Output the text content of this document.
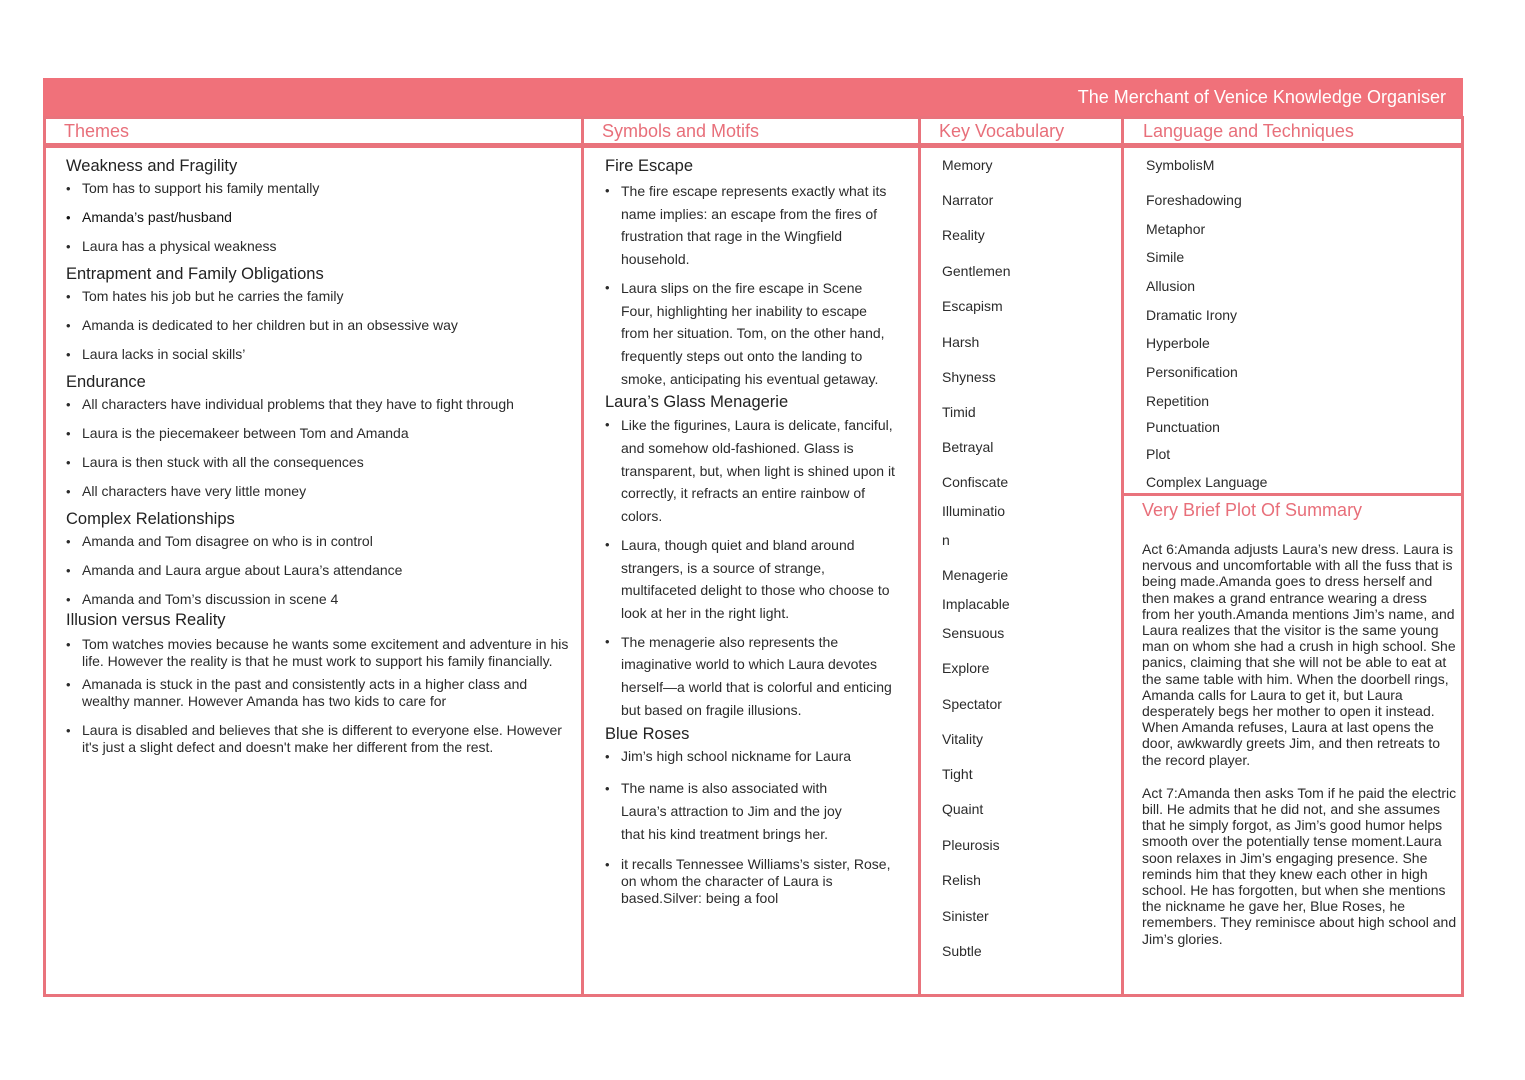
The Merchant of Venice Knowledge Organiser
Themes	Symbols and Motifs	Key Vocabulary	Language and Techniques

Weakness and Fragility

• Tom has to support his family mentally
• Amanda’s past/husband
• Laura has a physical weakness

Entrapment and Family Obligations

• Tom hates his job but he carries the family
• Amanda is dedicated to her children but in an obsessive way
• Laura lacks in social skills’

Endurance

• All characters have individual problems that they have to fight through
• Laura is the piecemakeer between Tom and Amanda
• Laura is then stuck with all the consequences
• All characters have very little money

Complex Relationships

• Amanda and Tom disagree on who is in control
• Amanda and Laura argue about Laura’s attendance
• Amanda and Tom’s discussion in scene 4

Illusion versus Reality

• Tom watches movies because he wants some excitement and adventure in his life. However the reality is that he must work to support his family financially.
• Amanada is stuck in the past and consistently acts in a higher class and wealthy manner. However Amanda has two kids to care for
• Laura is disabled and believes that she is different to everyone else. However it's just a slight defect and doesn't make her different from the rest.

Fire Escape

• The fire escape represents exactly what its name implies: an escape from the fires of frustration that rage in the Wingfield household.
• Laura slips on the fire escape in Scene Four, highlighting her inability to escape from her situation. Tom, on the other hand, frequently steps out onto the landing to smoke, anticipating his eventual getaway.

Laura’s Glass Menagerie

• Like the figurines, Laura is delicate, fanciful, and somehow old-fashioned. Glass is transparent, but, when light is shined upon it correctly, it refracts an entire rainbow of colors.
• Laura, though quiet and bland around strangers, is a source of strange, multifaceted delight to those who choose to look at her in the right light.
• The menagerie also represents the imaginative world to which Laura devotes herself—a world that is colorful and enticing but based on fragile illusions.

Blue Roses

• Jim’s high school nickname for Laura
• The name is also associated with Laura’s attraction to Jim and the joy that his kind treatment brings her.
• it recalls Tennessee Williams’s sister, Rose, on whom the character of Laura is based.Silver: being a fool
Memory
Narrator
Reality
Gentlemen
Escapism
Harsh
Shyness
Timid
Betrayal
Confiscate
Illuminatio
n
Menagerie
Implacable
Sensuous
Explore
Spectator
Vitality
Tight
Quaint
Pleurosis
Relish
Sinister
Subtle
SymbolisM
Foreshadowing
Metaphor
Simile
Allusion
Dramatic Irony
Hyperbole
Personification
Repetition
Punctuation
Plot
Complex Language
Very Brief Plot Of Summary

Act 6:Amanda adjusts Laura’s new dress. Laura is nervous and uncomfortable with all the fuss that is being made.Amanda goes to dress herself and then makes a grand entrance wearing a dress from her youth.Amanda mentions Jim’s name, and Laura realizes that the visitor is the same young man on whom she had a crush in high school. She panics, claiming that she will not be able to eat at the same table with him. When the doorbell rings, Amanda calls for Laura to get it, but Laura desperately begs her mother to open it instead. When Amanda refuses, Laura at last opens the door, awkwardly greets Jim, and then retreats to the record player.

Act 7:Amanda then asks Tom if he paid the electric bill. He admits that he did not, and she assumes that he simply forgot, as Jim’s good humor helps smooth over the potentially tense moment.Laura soon relaxes in Jim’s engaging presence. She reminds him that they knew each other in high school. He has forgotten, but when she mentions the nickname he gave her, Blue Roses, he remembers. They reminisce about high school and Jim’s glories.
